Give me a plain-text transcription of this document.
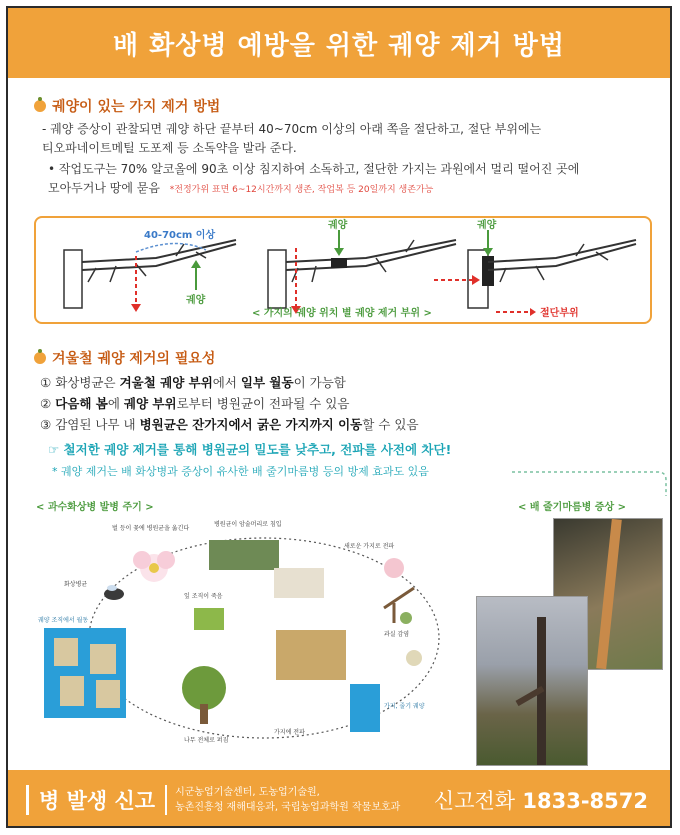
배 화상병 예방을 위한 궤양 제거 방법
궤양이 있는 가지 제거 방법
- 궤양 증상이 관찰되면 궤양 하단 끝부터 40~70cm 이상의 아래 쪽을 절단하고, 절단 부위에는
티오파네이트메틸 도포제 등 소독약을 발라 준다.
• 작업도구는 70% 알코올에 90초 이상 침지하여 소독하고, 절단한 가지는 과원에서 멀리 떨어진 곳에
모아두거나 땅에 묻음 *전정가위 표면 6~12시간까지 생존, 작업복 등 20일까지 생존가능
40-70cm 이상
궤양
궤양	궤양
< 가지의 궤양 위치 별 궤양 제거 부위 >	절단부위
겨울철 궤양 제거의 필요성
① 화상병균은 겨울철 궤양 부위에서 일부 월동이 가능함
② 다음해 봄에 궤양 부위로부터 병원균이 전파될 수 있음
③ 감염된 나무 내 병원균은 잔가지에서 굵은 가지까지 이동할 수 있음
☞ 철저한 궤양 제거를 통해 병원균의 밀도를 낮추고, 전파를 사전에 차단!
* 궤양 제거는 배 화상병과 증상이 유사한 배 줄기마름병 등의 방제 효과도 있음
< 과수화상병 발병 주기 >
벌 등이 꽃에 병원균을 옮긴다
병원균이 암술머리로 침입
화상병균
궤양 조직에서 월동
새로운 가지로 전파
잎 조직이 죽음
나무 전체로 퍼짐
가지, 줄기 궤양
과실 감염
가지에 전파
< 배 줄기마름병 증상 >
병 발생 신고	시군농업기술센터, 도농업기술원,
농촌진흥청 재해대응과, 국립농업과학원 작물보호과 신고전화 1833-8572
